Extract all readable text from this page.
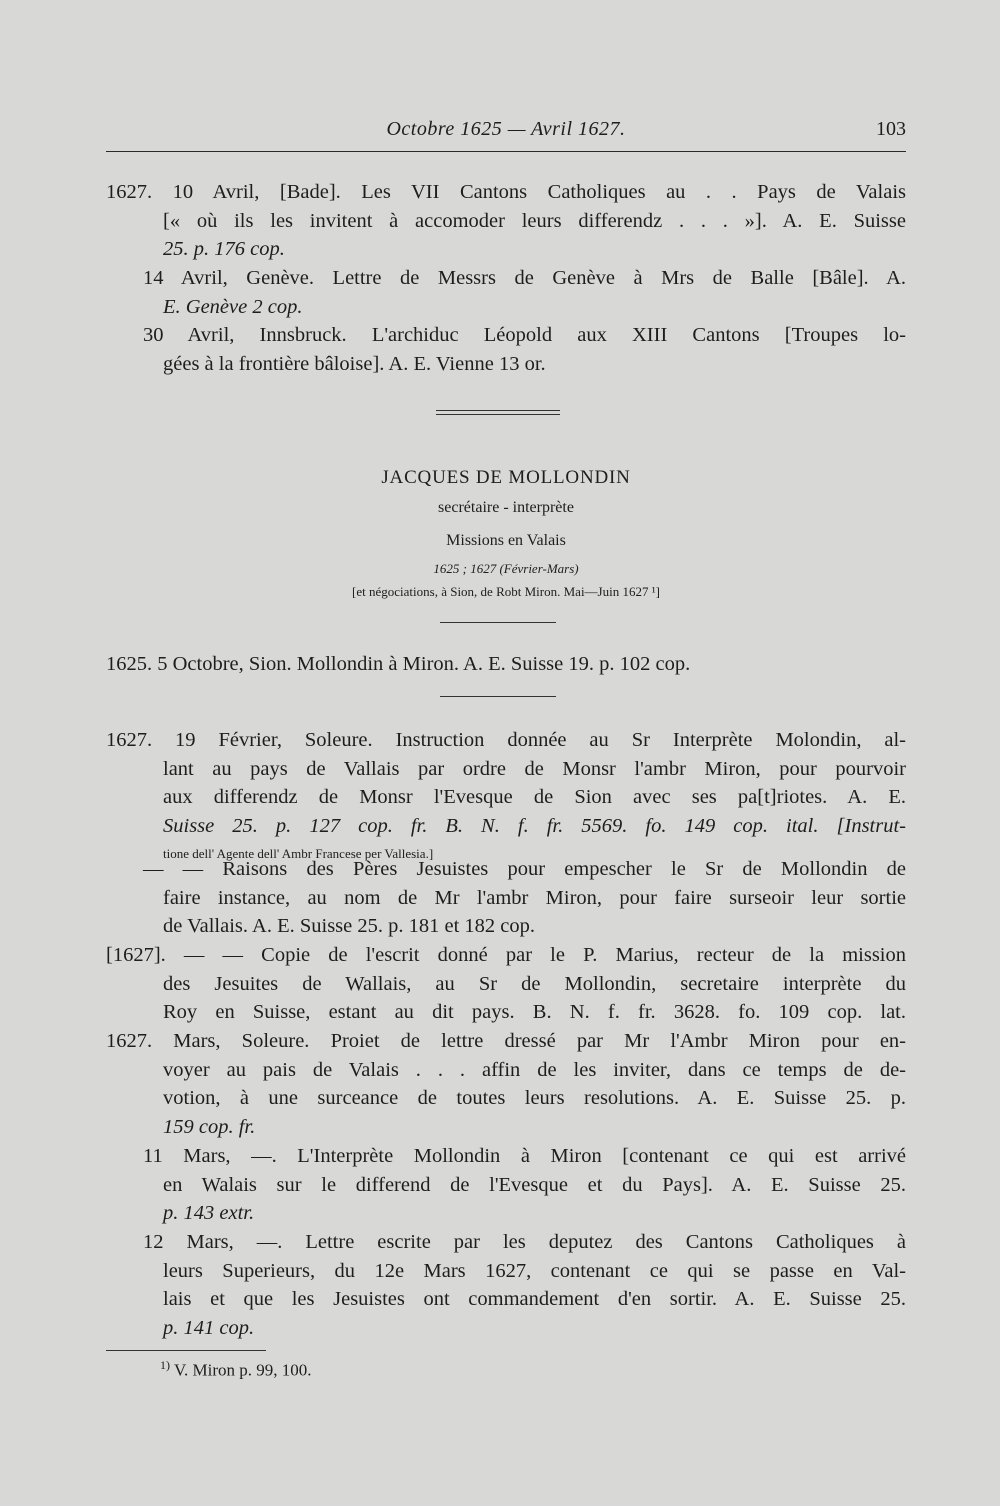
Octobre 1625 — Avril 1627.	103
1627. 10 Avril, [Bade]. Les VII Cantons Catholiques au . . Pays de Valais
[« où ils les invitent à accomoder leurs differendz . . . »]. A. E. Suisse
25. p. 176 cop.
14 Avril, Genève. Lettre de Messrs de Genève à Mrs de Balle [Bâle]. A.
E. Genève 2 cop.
30 Avril, Innsbruck. L'archiduc Léopold aux XIII Cantons [Troupes lo-
gées à la frontière bâloise]. A. E. Vienne 13 or.
JACQUES DE MOLLONDIN
secrétaire - interprète
Missions en Valais
1625 ; 1627 (Février-Mars)
[et négociations, à Sion, de Robt Miron. Mai—Juin 1627 ¹]
1625. 5 Octobre, Sion. Mollondin à Miron. A. E. Suisse 19. p. 102 cop.
1627. 19 Février, Soleure. Instruction donnée au Sr Interprète Molondin, al-
lant au pays de Vallais par ordre de Monsr l'ambr Miron, pour pourvoir
aux differendz de Monsr l'Evesque de Sion avec ses pa[t]riotes. A. E.
Suisse 25. p. 127 cop. fr. B. N. f. fr. 5569. fo. 149 cop. ital. [Instrut-
tione dell' Agente dell' Ambr Francese per Vallesia.]
— — Raisons des Pères Jesuistes pour empescher le Sr de Mollondin de
faire instance, au nom de Mr l'ambr Miron, pour faire surseoir leur sortie
de Vallais. A. E. Suisse 25. p. 181 et 182 cop.
[1627]. — — Copie de l'escrit donné par le P. Marius, recteur de la mission
des Jesuites de Wallais, au Sr de Mollondin, secretaire interprète du
Roy en Suisse, estant au dit pays. B. N. f. fr. 3628. fo. 109 cop. lat.
1627. Mars, Soleure. Proiet de lettre dressé par Mr l'Ambr Miron pour en-
voyer au pais de Valais . . . affin de les inviter, dans ce temps de de-
votion, à une surceance de toutes leurs resolutions. A. E. Suisse 25. p.
159 cop. fr.
11 Mars, —. L'Interprète Mollondin à Miron [contenant ce qui est arrivé
en Walais sur le differend de l'Evesque et du Pays]. A. E. Suisse 25.
p. 143 extr.
12 Mars, —. Lettre escrite par les deputez des Cantons Catholiques à
leurs Superieurs, du 12e Mars 1627, contenant ce qui se passe en Val-
lais et que les Jesuistes ont commandement d'en sortir. A. E. Suisse 25.
p. 141 cop.
$^{1)}$ V. Miron p. 99, 100.
